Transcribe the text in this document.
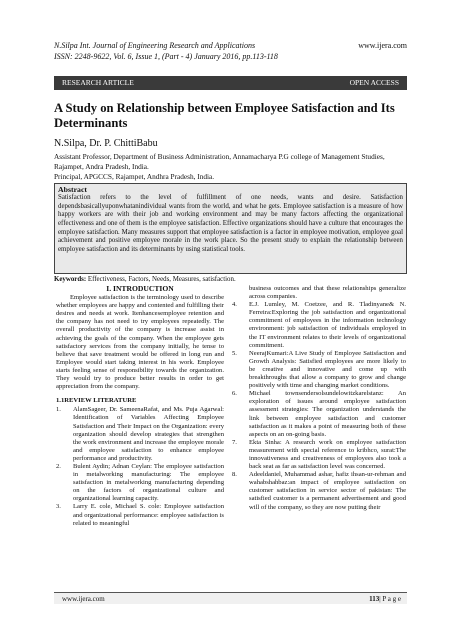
N.Silpa Int. Journal of Engineering Research and Applications
ISSN: 2248-9622, Vol. 6, Issue 1, (Part - 4) January 2016, pp.113-118
www.ijera.com
RESEARCH ARTICLE	OPEN ACCESS
A Study on Relationship between Employee Satisfaction and Its Determinants
N.Silpa, Dr. P. ChittiBabu
Assistant Professor, Department of Business Administration, Annamacharya P.G college of Management Studies, Rajampet, Andra Pradesh, India.
Principal, APGCCS, Rajampet, Andhra Pradesh, India.
Abstract
Satisfaction refers to the level of fulfillment of one needs, wants and desire. Satisfaction dependsbasicallyuponwhatanindividual wants from the world, and what he gets. Employee satisfaction is a measure of how happy workers are with their job and working environment and may be many factors affecting the organizational effectiveness and one of them is the employee satisfaction. Effective organizations should have a culture that encourages the employee satisfaction. Many measures support that employee satisfaction is a factor in employee motivation, employee goal achievement and positive employee morale in the work place. So the present study to explain the relationship between employee satisfaction and its determinants by using statistical tools.
Keywords: Effectiveness, Factors, Needs, Measures, satisfaction.
I. INTRODUCTION

Employee satisfaction is the terminology used to describe whether employees are happy and contented and fulfilling their desires and needs at work. Itenhancesemployee retention and the company has not need to try employees repeatedly. The overall productivity of the company is increase assist in achieving the goals of the company. When the employee gets satisfactory services from the company initially, he tense to believe that save treatment would be offered in long run and Employee would start taking interest in his work. Employee starts feeling sense of responsibility towards the organization. They would try to produce better results in order to get appreciation from the company.

1.1REVIEW LITERATURE
1. AlamSageer, Dr. SameenaRafat, and Ms. Puja Agarwal: Identification of Variables Affecting Employee Satisfaction and Their Impact on the Organization: every organization should develop strategies that strengthen the work environment and increase the employee morale and employee satisfaction to enhance employee performance and productivity.
2. Bulent Aydin; Adnan Ceylan: The employee satisfaction in metalworking manufacturing: The employee satisfaction in metalworking manufacturing depending on the factors of organizational culture and organizational learning capacity.
3. Larry E. cole, Michael S. cole: Employee satisfaction and organizational performance: employee satisfaction is related to meaningful

business outcomes and that these relationships generalize across companies.

4. E.J. Lumley, M. Coetzee, and R. Tladinyane& N. Ferreira:Exploring the job satisfaction and organizational commitment of employees in the information technology environment: job satisfaction of individuals employed in the IT environment relates to their levels of organizational commitment.
5. NeerajKumari:A Live Study of Employee Satisfaction and Growth Analysis: Satisfied employees are more likely to be creative and innovative and come up with breakthroughs that allow a company to grow and change positively with time and changing market conditions.
6. Michael townsendersolsundelowitzkarelstanz: An exploration of issues around employee satisfaction assessment strategies: The organization understands the link between employee satisfaction and customer satisfaction as it makes a point of measuring both of these aspects on an on-going basis.
7. Ekta Sinha: A research work on employee satisfaction measurement with special reference to kribhco, surat:The innovativeness and creativeness of employees also took a back seat as far as satisfaction level was concerned.
8. Adeeldaniel, Muhammad ashar, hafiz ihsan-ur-rehman and wahabshahbaz:an impact of employee satisfaction on customer satisfaction in service sector of pakistan: The satisfied customer is a permanent advertisement and good will of the company, so they are now putting their
www.ijera.com	113| P a g e
